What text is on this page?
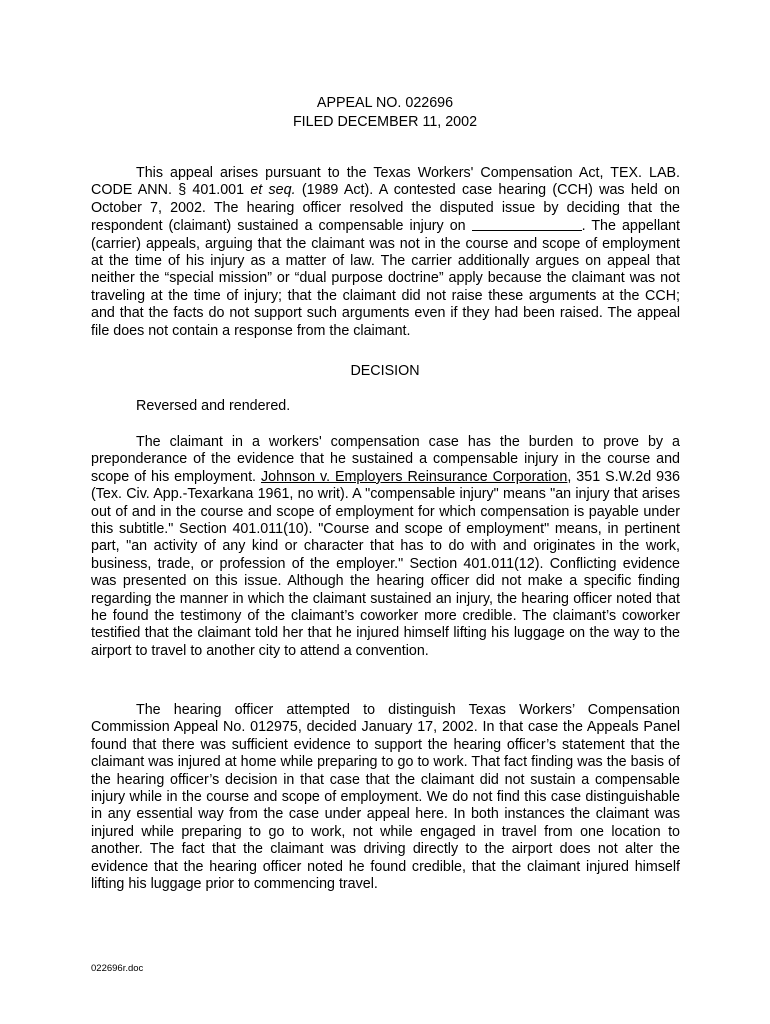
APPEAL NO. 022696
FILED DECEMBER 11, 2002

This appeal arises pursuant to the Texas Workers' Compensation Act, TEX. LAB. CODE ANN. § 401.001 et seq. (1989 Act). A contested case hearing (CCH) was held on October 7, 2002. The hearing officer resolved the disputed issue by deciding that the respondent (claimant) sustained a compensable injury on	. The appellant (carrier) appeals, arguing that the claimant was not in the course and scope of employment at the time of his injury as a matter of law. The carrier additionally argues on appeal that neither the “special mission” or “dual purpose doctrine” apply because the claimant was not traveling at the time of injury; that the claimant did not raise these arguments at the CCH; and that the facts do not support such arguments even if they had been raised. The appeal file does not contain a response from the claimant.

DECISION
Reversed and rendered.

The claimant in a workers' compensation case has the burden to prove by a preponderance of the evidence that he sustained a compensable injury in the course and scope of his employment. Johnson v. Employers Reinsurance Corporation, 351 S.W.2d 936 (Tex. Civ. App.-Texarkana 1961, no writ). A "compensable injury" means "an injury that arises out of and in the course and scope of employment for which compensation is payable under this subtitle." Section 401.011(10). "Course and scope of employment" means, in pertinent part, "an activity of any kind or character that has to do with and originates in the work, business, trade, or profession of the employer." Section 401.011(12). Conflicting evidence was presented on this issue. Although the hearing officer did not make a specific finding regarding the manner in which the claimant sustained an injury, the hearing officer noted that he found the testimony of the claimant’s coworker more credible. The claimant’s coworker testified that the claimant told her that he injured himself lifting his luggage on the way to the airport to travel to another city to attend a convention.

The hearing officer attempted to distinguish Texas Workers’ Compensation Commission Appeal No. 012975, decided January 17, 2002. In that case the Appeals Panel found that there was sufficient evidence to support the hearing officer’s statement that the claimant was injured at home while preparing to go to work. That fact finding was the basis of the hearing officer’s decision in that case that the claimant did not sustain a compensable injury while in the course and scope of employment. We do not find this case distinguishable in any essential way from the case under appeal here. In both instances the claimant was injured while preparing to go to work, not while engaged in travel from one location to another. The fact that the claimant was driving directly to the airport does not alter the evidence that the hearing officer noted he found credible, that the claimant injured himself lifting his luggage prior to commencing travel.

022696r.doc
